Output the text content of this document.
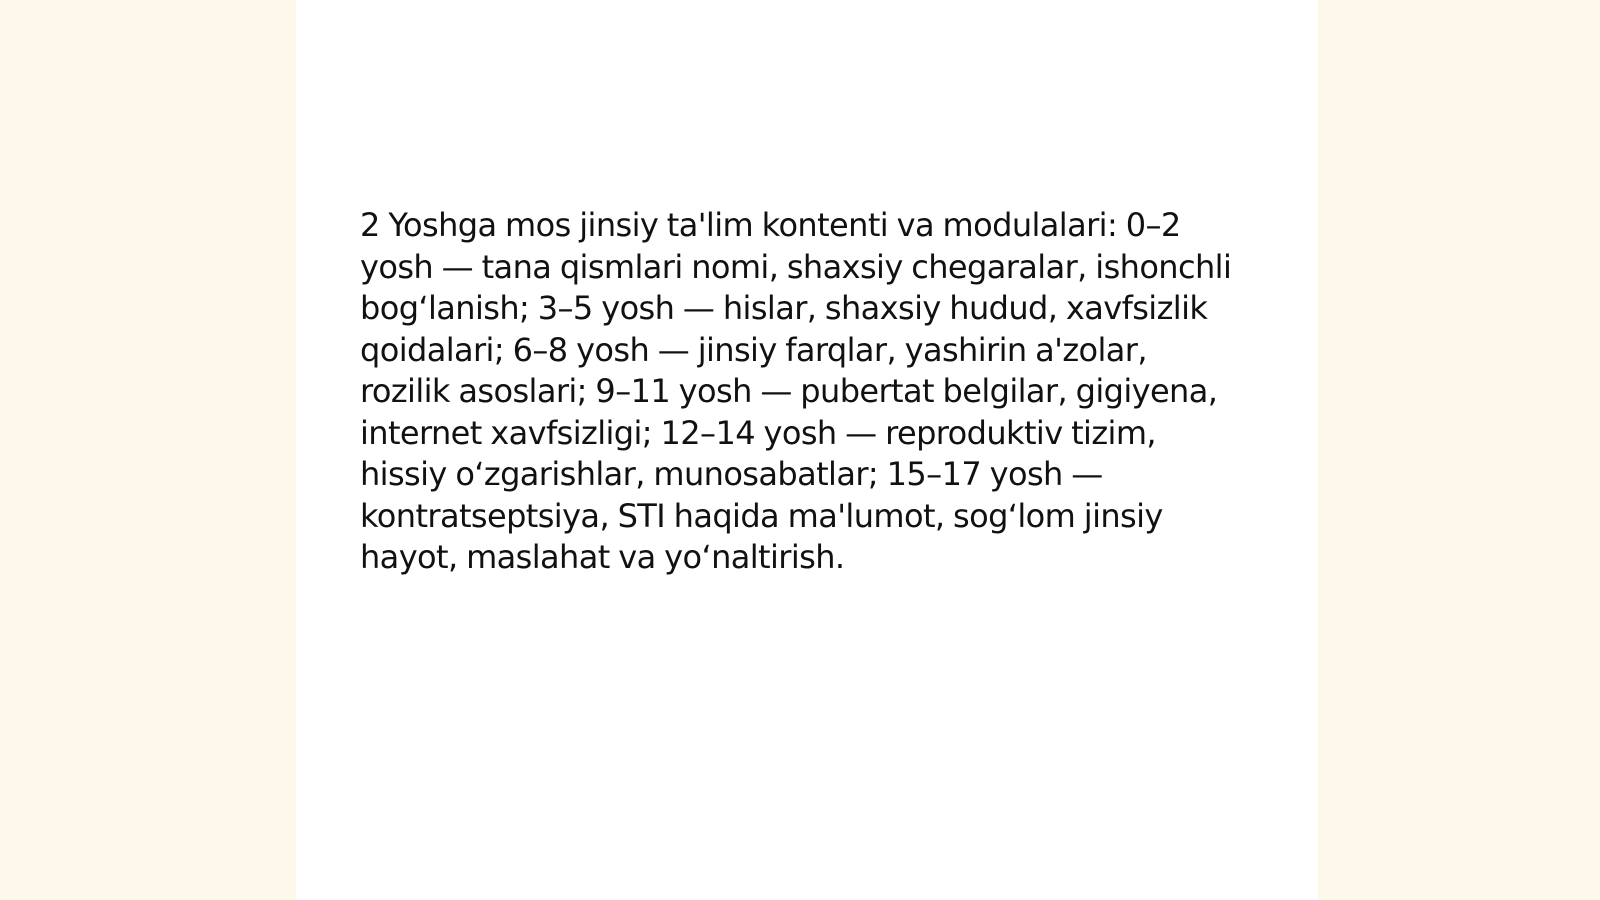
2 Yoshga mos jinsiy ta'lim kontenti va modulalari: 0–2 yosh — tana qismlari nomi, shaxsiy chegaralar, ishonchli bog‘lanish; 3–5 yosh — hislar, shaxsiy hudud, xavfsizlik qoidalari; 6–8 yosh — jinsiy farqlar, yashirin a'zolar, rozilik asoslari; 9–11 yosh — pubertat belgilar, gigiyena, internet xavfsizligi; 12–14 yosh — reproduktiv tizim, hissiy o‘zgarishlar, munosabatlar; 15–17 yosh — kontratseptsiya, STI haqida ma'lumot, sog‘lom jinsiy hayot, maslahat va yo‘naltirish.
